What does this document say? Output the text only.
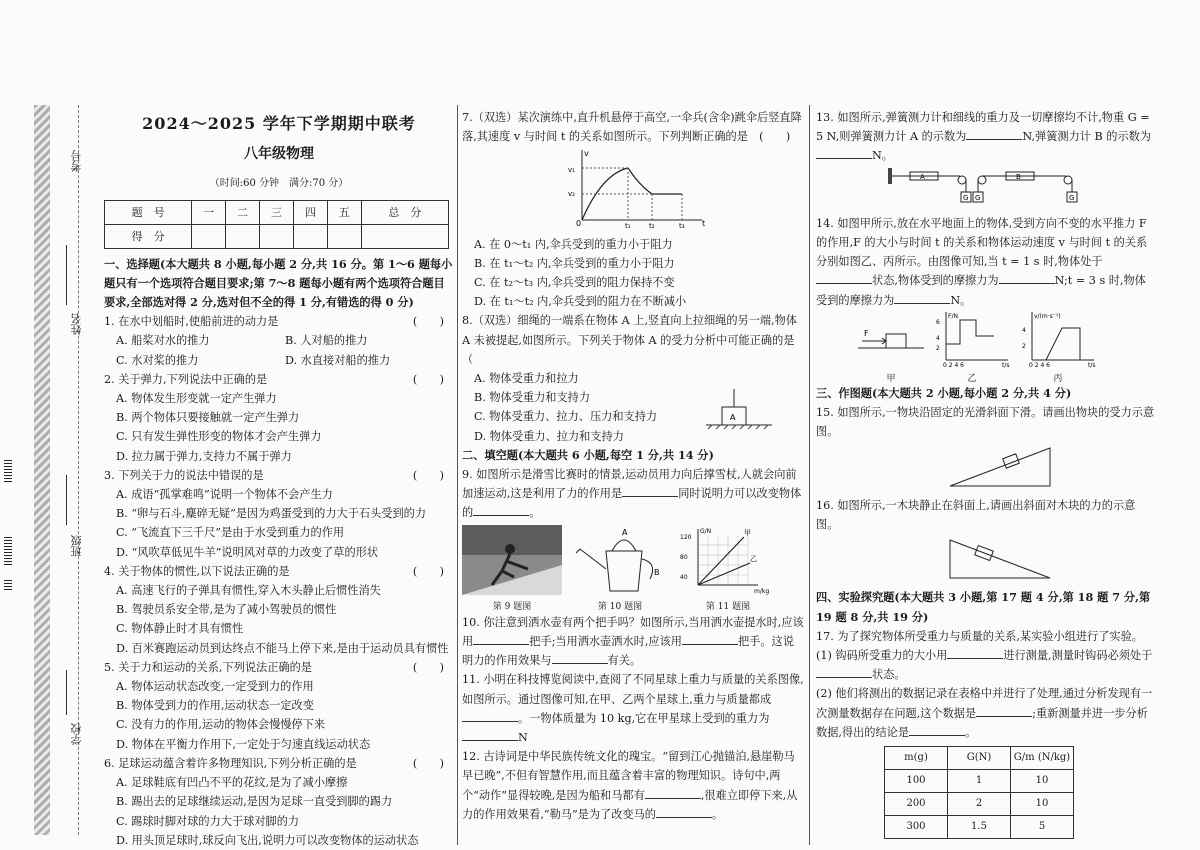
姓名
班级
学校
考号
2024～2025 学年下学期期中联考
八年级物理
（时间:60 分钟　满分:70 分）
题　号	一	二	三	四	五	总　分
得　分						
一、选择题(本大题共 8 小题,每小题 2 分,共 16 分。第 1～6 题每小题只有一个选项符合题目要求;第 7～8 题每小题有两个选项符合题目要求,全部选对得 2 分,选对但不全的得 1 分,有错选的得 0 分)
1. 在水中划船时,使船前进的动力是	(　　)
A. 船桨对水的推力	B. 人对船的推力
C. 水对桨的推力	D. 水直接对船的推力
2. 关于弹力,下列说法中正确的是	(　　)
A. 物体发生形变就一定产生弹力
B. 两个物体只要接触就一定产生弹力
C. 只有发生弹性形变的物体才会产生弹力
D. 拉力属于弹力,支持力不属于弹力
3. 下列关于力的说法中错误的是	(　　)
A. 成语“孤掌难鸣”说明一个物体不会产生力
B. “卵与石斗,麋碎无疑”是因为鸡蛋受到的力大于石头受到的力
C. “飞流直下三千尺”是由于水受到重力的作用
D. “风吹草低见牛羊”说明风对草的力改变了草的形状
4. 关于物体的惯性,以下说法正确的是	(　　)
A. 高速飞行的子弹具有惯性,穿入木头静止后惯性消失
B. 驾驶员系安全带,是为了减小驾驶员的惯性
C. 物体静止时才具有惯性
D. 百米赛跑运动员到达终点不能马上停下来,是由于运动员具有惯性
5. 关于力和运动的关系,下列说法正确的是	(　　)
A. 物体运动状态改变,一定受到力的作用
B. 物体受到力的作用,运动状态一定改变
C. 没有力的作用,运动的物体会慢慢停下来
D. 物体在平衡力作用下,一定处于匀速直线运动状态
6. 足球运动蕴含着许多物理知识,下列分析正确的是	(　　)
A. 足球鞋底有凹凸不平的花纹,是为了减小摩擦
B. 踢出去的足球继续运动,是因为足球一直受到脚的踢力
C. 踢球时脚对球的力大于球对脚的力
D. 用头顶足球时,球反向飞出,说明力可以改变物体的运动状态
7.（双选）某次演练中,直升机悬停于高空,一伞兵(含伞)跳伞后竖直降落,其速度 v 与时间 t 的关系如图所示。下列判断正确的是　(　　)
0
v
t
v₁
v₂
t₁	t₂	t₃
A. 在 0～t₁ 内,伞兵受到的重力小于阻力
B. 在 t₁～t₂ 内,伞兵受到的重力小于阻力
C. 在 t₂～t₃ 内,伞兵受到的阻力保持不变
D. 在 t₁～t₂ 内,伞兵受到的阻力在不断减小
8.（双选）细绳的一端系在物体 A 上,竖直向上拉细绳的另一端,物体 A 未被提起,如图所示。下列关于物体 A 的受力分析中可能正确的是（
A. 物体受重力和拉力
B. 物体受重力和支持力
C. 物体受重力、拉力、压力和支持力
D. 物体受重力、拉力和支持力
A
二、填空题(本大题共 6 小题,每空 1 分,共 14 分)
9. 如图所示是滑雪比赛时的情景,运动员用力向后撑雪杖,人就会向前加速运动,这是利用了力的作用是	同时说明力可以改变物体的	。
第 9 题图
A
B
第 10 题图
甲
乙
G/N
m/kg
120
80
40
第 11 题图
10. 你注意到洒水壶有两个把手吗？如图所示,当用洒水壶提水时,应该用	把手;当用洒水壶洒水时,应该用	把手。这说明力的作用效果与	有关。
11. 小明在科技博览阅读中,查阅了不同星球上重力与质量的关系图像,如图所示。通过图像可知,在甲、乙两个星球上,重力与质量都成。一物体质量为 10 kg,它在甲星球上受到的重力为N
12. 古诗词是中华民族传统文化的瑰宝。“留到江心抛锚泊,悬崖勒马早已晚”,不但有智慧作用,而且蕴含着丰富的物理知识。诗句中,两个“动作”显得较晚,是因为船和马都有	,很难立即停下来,从力的作用效果看,“勒马”是为了改变马的	。
13. 如图所示,弹簧测力计和细线的重力及一切摩擦均不计,物重 G = 5 N,则弹簧测力计 A 的示数为	N,弹簧测力计 B 的示数为N。
A
G G
B
G
14. 如图甲所示,放在水平地面上的物体,受到方向不变的水平推力 F 的作用,F 的大小与时间 t 的关系和物体运动速度 v 与时间 t 的关系分别如图乙、丙所示。由图像可知,当 t = 1 s 时,物体处于状态,物体受到的摩擦力为	N;t = 3 s 时,物体受到的摩擦力为	N。
F
甲
F/N
6
4
2
0 2 4 6	t/s
乙
v/(m·s⁻¹)
4
2
0 2 4 6	t/s
丙
三、作图题(本大题共 2 小题,每小题 2 分,共 4 分)
15. 如图所示,一物块沿固定的光滑斜面下滑。请画出物块的受力示意图。
16. 如图所示,一木块静止在斜面上,请画出斜面对木块的力的示意图。
四、实验探究题(本大题共 3 小题,第 17 题 4 分,第 18 题 7 分,第 19 题 8 分,共 19 分)
17. 为了探究物体所受重力与质量的关系,某实验小组进行了实验。
(1) 钩码所受重力的大小用	进行测量,测量时钩码必须处于状态。
(2) 他们将测出的数据记录在表格中并进行了处理,通过分析发现有一次测量数据存在问题,这个数据是	;重新测量并进一步分析数据,得出的结论是	。
m(g)	G(N)	G/m (N/kg)
100	1	10
200	2	10
300	1.5	5
